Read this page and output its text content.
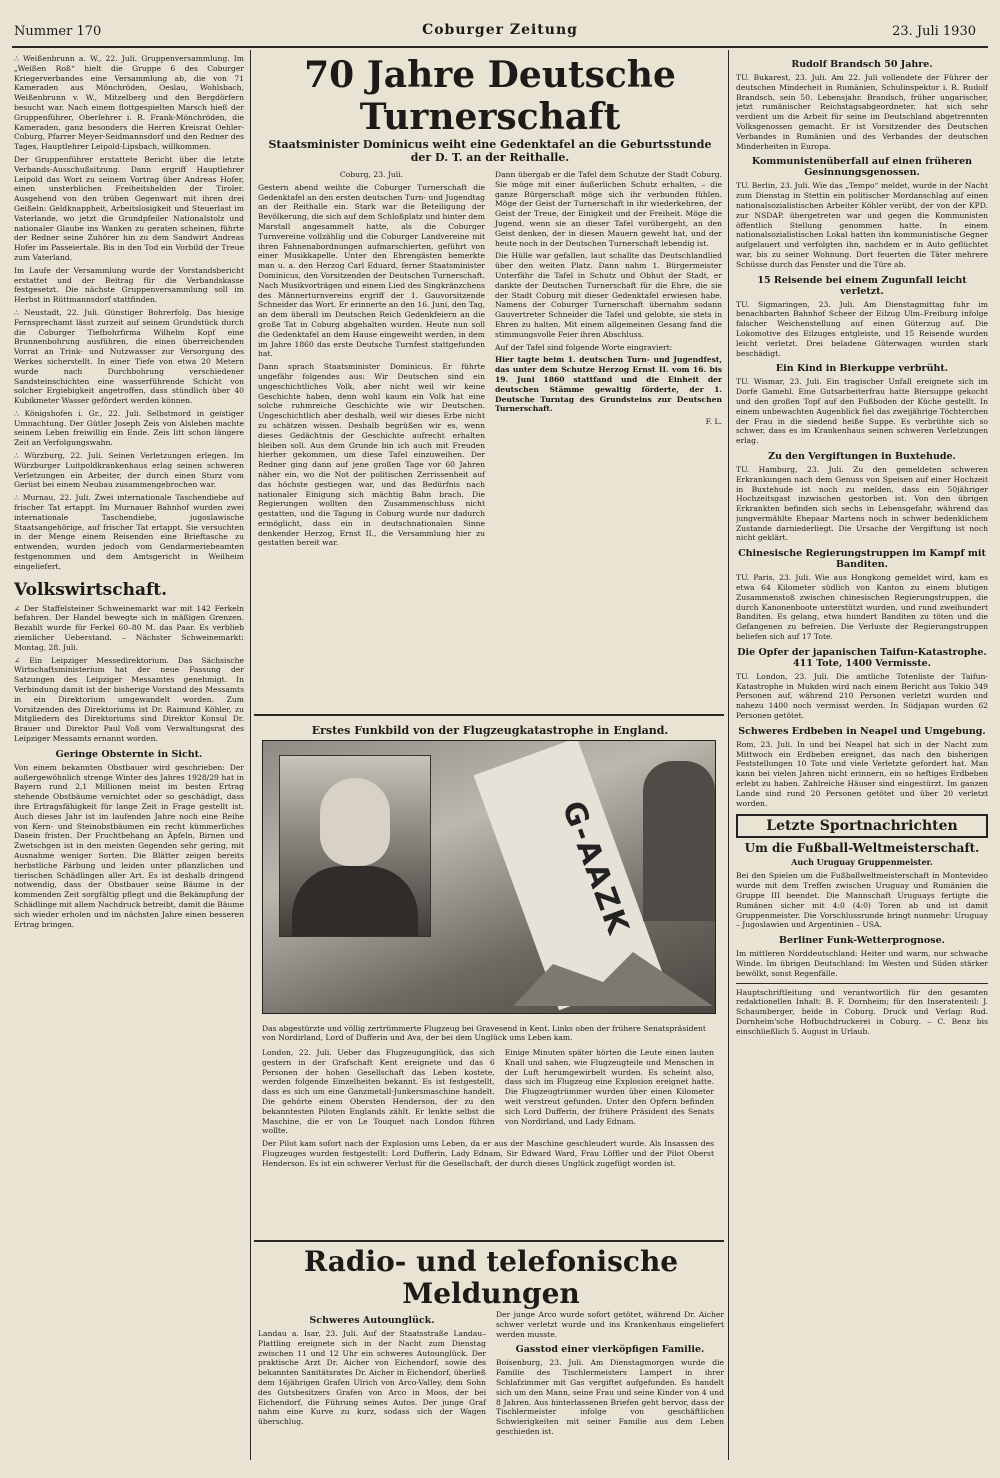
Nummer 170	Coburger Zeitung	23. Juli 1930

∴ Weißenbrunn a. W., 22. Juli. Gruppenversammlung. Im „Weißen Roß“ hielt die Gruppe 6 des Coburger Kriegerverbandes eine Versammlung ab, die von 71 Kameraden aus Mönchröden, Oeslau, Wohlsbach, Weißenbrunn v. W., Mitzelberg und den Bergdörfern besucht war. Nach einem flottgespielten Marsch hieß der Gruppenführer, Oberlehrer i. R. Frank-Mönchröden, die Kameraden, ganz besonders die Herren Kreisrat Oehler-Coburg, Pfarrer Meyer-Seidmannsdorf und den Redner des Tages, Hauptlehrer Leipold-Lipsbach, willkommen.

Der Gruppenführer erstattete Bericht über die letzte Verbands-Ausschußsitzung. Dann ergriff Hauptlehrer Leipold das Wort zu seinem Vortrag über Andreas Hofer, einen unsterblichen Freiheitshelden der Tiroler. Ausgehend von den trüben Gegenwart mit ihren drei Geißeln: Geldknappheit, Arbeitslosigkeit und Steuerlast im Vaterlande, wo jetzt die Grundpfeiler Nationalstolz und nationaler Glaube ins Wanken zu geraten scheinen, führte der Redner seine Zuhörer hin zu dem Sandwirt Andreas Hofer im Passeiertale. Bis in den Tod ein Vorbild der Treue zum Vaterland.

Im Laufe der Versammlung wurde der Vorstandsbericht erstattet und der Beitrag für die Verbandskasse festgesetzt. Die nächste Gruppenversammlung soll im Herbst in Rüttmannsdorf stattfinden.

∴ Neustadt, 22. Juli. Günstiger Bohrerfolg. Das hiesige Fernsprechamt lässt zurzeit auf seinem Grundstück durch die Coburger Tiefbohrfirma Wilhelm Kopf eine Brunnenbohrung ausführen, die einen überreichenden Vorrat an Trink- und Nutzwasser zur Versorgung des Werkes sicherstellt. In einer Tiefe von etwa 20 Metern wurde nach Durchbohrung verschiedener Sandsteinschichten eine wasserführende Schicht von solcher Ergiebigkeit angetroffen, dass stündlich über 40 Kubikmeter Wasser gefördert werden können.

∴ Königshofen i. Gr., 22. Juli. Selbstmord in geistiger Umnachtung. Der Gütler Joseph Zeis von Alsleben machte seinem Leben freiwillig ein Ende. Zeis litt schon längere Zeit an Verfolgungswahn.

∴ Würzburg, 22. Juli. Seinen Verletzungen erlegen. Im Würzburger Luitpoldkrankenhaus erlag seinen schweren Verletzungen ein Arbeiter, der durch einen Sturz vom Gerüst bei einem Neubau zusammengebrochen war.

∴ Murnau, 22. Juli. Zwei internationale Taschendiebe auf frischer Tat ertappt. Im Murnauer Bahnhof wurden zwei internationale Taschendiebe, jugoslawische Staatsangehörige, auf frischer Tat ertappt. Sie versuchten in der Menge einem Reisenden eine Brieftasche zu entwenden, wurden jedoch vom Gendarmeriebeamten festgenommen und dem Amtsgericht in Weilheim eingeliefert.

Volkswirtschaft.

∠ Der Staffelsteiner Schweinemarkt war mit 142 Ferkeln befahren. Der Handel bewegte sich in mäßigen Grenzen. Bezahlt wurde für Ferkel 60–80 M. das Paar. Es verblieb ziemlicher Ueberstand. – Nächster Schweinemarkt: Montag, 28. Juli.

∠ Ein Leipziger Messedirektorium. Das Sächsische Wirtschaftsministerium hat der neue Fassung der Satzungen des Leipziger Messamtes genehmigt. In Verbindung damit ist der bisherige Vorstand des Messamts in ein Direktorium umgewandelt worden. Zum Vorsitzenden des Direktoriums ist Dr. Raimund Köhler, zu Mitgliedern des Direktoriums sind Direktor Konsul Dr. Brauer und Direktor Paul Voß vom Verwaltungsrat des Leipziger Messamts ernannt worden.

Geringe Obsternte in Sicht.

Von einem bekannten Obstbauer wird geschrieben: Der außergewöhnlich strenge Winter des Jahres 1928/29 hat in Bayern rund 2,1 Millionen meist im besten Ertrag stehende Obstbäume vernichtet oder so geschädigt, dass ihre Ertragsfähigkeit für lange Zeit in Frage gestellt ist. Auch dieses Jahr ist im laufenden Jahre noch eine Reihe von Kern- und Steinobstbäumen ein recht kümmerliches Dasein fristen. Der Fruchtbehang an Äpfeln, Birnen und Zwetschgen ist in den meisten Gegenden sehr gering, mit Ausnahme weniger Sorten. Die Blätter zeigen bereits herbstliche Färbung und leiden unter pflanzlichen und tierischen Schädlingen aller Art. Es ist deshalb dringend notwendig, dass der Obstbauer seine Bäume in der kommenden Zeit sorgfältig pflegt und die Bekämpfung der Schädlinge mit allem Nachdruck betreibt, damit die Bäume sich wieder erholen und im nächsten Jahre einen besseren Ertrag bringen.

70 Jahre Deutsche Turnerschaft
Staatsminister Dominicus weiht eine Gedenktafel an die Geburtsstunde der D. T. an der Reithalle.

Coburg, 23. Juli.

Gestern abend weihte die Coburger Turnerschaft die Gedenktafel an den ersten deutschen Turn- und Jugendtag an der Reithalle ein. Stark war die Beteiligung der Bevölkerung, die sich auf dem Schloßplatz und hinter dem Marstall angesammelt hatte, als die Coburger Turnvereine vollzählig und die Coburger Landvereine mit ihren Fahnenabordnungen aufmarschierten, geführt von einer Musikkapelle. Unter den Ehrengästen bemerkte man u. a. den Herzog Carl Eduard, ferner Staatsminister Dominicus, den Vorsitzenden der Deutschen Turnerschaft. Nach Musikvorträgen und einem Lied des Singkränzchens des Männerturnvereins ergriff der 1. Gauvorsitzende Schneider das Wort. Er erinnerte an den 16. Juni, den Tag, an dem überall im Deutschen Reich Gedenkfeiern an die große Tat in Coburg abgehalten wurden. Heute nun soll die Gedenktafel an dem Hause eingeweiht werden, in dem im Jahre 1860 das erste Deutsche Turnfest stattgefunden hat.

Dann sprach Staatsminister Dominicus. Er führte ungefähr folgendes aus: Wir Deutschen sind ein ungeschichtliches Volk, aber nicht weil wir keine Geschichte haben, denn wohl kaum ein Volk hat eine solche ruhmreiche Geschichte wie wir Deutschen. Ungeschichtlich aber deshalb, weil wir dieses Erbe nicht zu schätzen wissen. Deshalb begrüßen wir es, wenn dieses Gedächtnis der Geschichte aufrecht erhalten bleiben soll. Aus dem Grunde bin ich auch mit Freuden hierher gekommen, um diese Tafel einzuweihen. Der Redner ging dann auf jene großen Tage vor 60 Jahren näher ein, wo die Not der politischen Zerrissenheit auf das höchste gestiegen war, und das Bedürfnis nach nationaler Einigung sich mächtig Bahn brach. Die Regierungen wollten den Zusammenschluss nicht gestatten, und die Tagung in Coburg wurde nur dadurch ermöglicht, dass ein in deutschnationalen Sinne denkender Herzog, Ernst II., die Versammlung hier zu gestatten bereit war.

Dann übergab er die Tafel dem Schutze der Stadt Coburg. Sie möge mit einer äußerlichen Schutz erhalten, – die ganze Bürgerschaft möge sich ihr verbunden fühlen. Möge der Geist der Turnerschaft in ihr wiederkehren, der Geist der Treue, der Einigkeit und der Freiheit. Möge die Jugend, wenn sie an dieser Tafel vorübergeht, an den Geist denken, der in diesen Mauern geweht hat, und der heute noch in der Deutschen Turnerschaft lebendig ist.

Die Hülle war gefallen, laut schallte das Deutschlandlied über den weiten Platz. Dann nahm 1. Bürgermeister Unterfähr die Tafel in Schutz und Obhut der Stadt, er dankte der Deutschen Turnerschaft für die Ehre, die sie der Stadt Coburg mit dieser Gedenktafel erwiesen habe. Namens der Coburger Turnerschaft übernahm sodann Gauvertreter Schneider die Tafel und gelobte, sie stets in Ehren zu halten. Mit einem allgemeinen Gesang fand die stimmungsvolle Feier ihren Abschluss.

Auf der Tafel sind folgende Worte eingraviert:

Hier tagte beim 1. deutschen Turn- und Jugendfest, das unter dem Schutze Herzog Ernst II. vom 16. bis 19. Juni 1860 stattfand und die Einheit der deutschen Stämme gewaltig förderte, der 1. Deutsche Turntag des Grundsteins zur Deutschen Turnerschaft.

F. L.

Erstes Funkbild von der Flugzeugkatastrophe in England.
G-AAZK

Das abgestürzte und völlig zertrümmerte Flugzeug bei Gravesend in Kent. Links oben der frühere Senatspräsident von Nordirland, Lord of Dufferin und Ava, der bei dem Unglück ums Leben kam.

London, 22. Juli. Ueber das Flugzeugunglück, das sich gestern in der Grafschaft Kent ereignete und das 6 Personen der hohen Gesellschaft das Leben kostete, werden folgende Einzelheiten bekannt. Es ist festgestellt, dass es sich um eine Ganzmetall-Junkersmaschine handelt. Die gehörte einem Obersten Henderson, der zu den bekanntesten Piloten Englands zählt. Er lenkte selbst die Maschine, die er von Le Touquet nach London führen wollte.

Einige Minuten später hörten die Leute einen lauten Knall und sahen, wie Flugzeugteile und Menschen in der Luft herumgewirbelt wurden. Es scheint also, dass sich im Flugzeug eine Explosion ereignet hatte. Die Flugzeugtrümmer wurden über einen Kilometer weit verstreut gefunden. Unter den Opfern befinden sich Lord Dufferin, der frühere Präsident des Senats von Nordirland, und Lady Ednam.

Der Pilot kam sofort nach der Explosion ums Leben, da er aus der Maschine geschleudert wurde. Als Insassen des Flugzeuges wurden festgestellt: Lord Dufferin, Lady Ednam, Sir Edward Ward, Frau Löffler und der Pilot Oberst Henderson. Es ist ein schwerer Verlust für die Gesellschaft, der durch dieses Unglück zugefügt worden ist.

Radio- und telefonische Meldungen
Schweres Autounglück.

Landau a. Isar, 23. Juli. Auf der Staatsstraße Landau–Plattling ereignete sich in der Nacht zum Dienstag zwischen 11 und 12 Uhr ein schweres Autounglück. Der praktische Arzt Dr. Aicher von Eichendorf, sowie des bekannten Sanitätsrates Dr. Aicher in Eichendorf, überließ dem 16jährigen Grafen Ulrich von Arco-Valley, dem Sohn des Gutsbesitzers Grafen von Arco in Moos, der bei Eichendorf, die Führung seines Autos. Der junge Graf nahm eine Kurve zu kurz, sodass sich der Wagen überschlug.

Der junge Arco wurde sofort getötet, während Dr. Aicher schwer verletzt wurde und ins Krankenhaus eingeliefert werden musste.

Gasstod einer vierköpfigen Familie.

Boisenburg, 23. Juli. Am Dienstagmorgen wurde die Familie des Tischlermeisters Lampert in ihrer Schlafzimmer mit Gas vergiftet aufgefunden. Es handelt sich um den Mann, seine Frau und seine Kinder von 4 und 8 Jahren. Aus hinterlassenen Briefen geht hervor, dass der Tischlermeister infolge von geschäftlichen Schwierigkeiten mit seiner Familie aus dem Leben geschieden ist.

Rudolf Brandsch 50 Jahre.

TU. Bukarest, 23. Juli. Am 22. Juli vollendete der Führer der deutschen Minderheit in Rumänien, Schulinspektor i. R. Rudolf Brandsch, sein 50. Lebensjahr. Brandsch, früher ungarischer, jetzt rumänischer Reichstagsabgeordneter, hat sich sehr verdient um die Arbeit für seine im Deutschland abgetrennten Volksgenossen gemacht. Er ist Vorsitzender des Deutschen Verbandes in Rumänien und des Verbandes der deutschen Minderheiten in Europa.

Kommunistenüberfall auf einen früheren Gesinnungsgenossen.

TU. Berlin, 23. Juli. Wie das „Tempo“ meldet, wurde in der Nacht zum Dienstag in Stettin ein politischer Mordanschlag auf einen nationalsozialistischen Arbeiter Köhler verübt, der von der KPD. zur NSDAP. übergetreten war und gegen die Kommunisten öffentlich Stellung genommen hatte. In einem nationalsozialistischen Lokal hatten ihn kommunistische Gegner aufgelauert und verfolgten ihn, nachdem er in Auto geflüchtet war, bis zu seiner Wohnung. Dort feuerten die Täter mehrere Schüsse durch das Fenster und die Türe ab.

15 Reisende bei einem Zugunfall leicht verletzt.

TU. Sigmaringen, 23. Juli. Am Dienstagmittag fuhr im benachbarten Bahnhof Scheer der Eilzug Ulm–Freiburg infolge falscher Weichenstellung auf einen Güterzug auf. Die Lokomotive des Eilzuges entgleiste, und 15 Reisende wurden leicht verletzt. Drei beladene Güterwagen wurden stark beschädigt.

Ein Kind in Bierkuppe verbrüht.

TU. Wismar, 23. Juli. Ein tragischer Unfall ereignete sich im Dorfe Gamehl. Eine Gutsarbeiterfrau hatte Biersuppe gekocht und den großen Topf auf den Fußboden der Küche gestellt. In einem unbewachten Augenblick fiel das zweijährige Töchterchen der Frau in die siedend heiße Suppe. Es verbrühte sich so schwer, dass es im Krankenhaus seinen schweren Verletzungen erlag.

Zu den Vergiftungen in Buxtehude.

TU. Hamburg, 23. Juli. Zu den gemeldeten schweren Erkrankungen nach dem Genuss von Speisen auf einer Hochzeit in Buxtehude ist noch zu melden, dass ein 50jähriger Hochzeitsgast inzwischen gestorben ist. Von den übrigen Erkrankten befinden sich sechs in Lebensgefahr, während das jungvermählte Ehepaar Martens noch in schwer bedenklichem Zustande darniederliegt. Die Ursache der Vergiftung ist noch nicht geklärt.

Chinesische Regierungstruppen im Kampf mit Banditen.

TU. Paris, 23. Juli. Wie aus Hongkong gemeldet wird, kam es etwa 64 Kilometer südlich von Kanton zu einem blutigen Zusammenstoß zwischen chinesischen Regierungstruppen, die durch Kanonenboote unterstützt wurden, und rund zweihundert Banditen. Es gelang, etwa hundert Banditen zu töten und die Gefangenen zu befreien. Die Verluste der Regierungstruppen beliefen sich auf 17 Tote.

Die Opfer der japanischen Taifun-Katastrophe. 411 Tote, 1400 Vermisste.

TU. London, 23. Juli. Die amtliche Totenliste der Taifun-Katastrophe in Mukden wird nach einem Bericht aus Tokio 349 Personen auf, während 210 Personen verletzt wurden und nahezu 1400 noch vermisst werden. In Südjapan wurden 62 Personen getötet.

Schweres Erdbeben in Neapel und Umgebung.

Rom, 23. Juli. In und bei Neapel hat sich in der Nacht zum Mittwoch ein Erdbeben ereignet, das nach den bisherigen Feststellungen 10 Tote und viele Verletzte gefordert hat. Man kann bei vielen Jahren nicht erinnern, ein so heftiges Erdbeben erlebt zu haben. Zahlreiche Häuser sind eingestürzt. Im ganzen Lande sind rund 20 Personen getötet und über 20 verletzt worden.

Letzte Sportnachrichten
Um die Fußball-Weltmeisterschaft.
Auch Uruguay Gruppenmeister.

Bei den Spielen um die Fußballweltmeisterschaft in Montevideo wurde mit dem Treffen zwischen Uruguay und Rumänien die Gruppe III beendet. Die Mannschaft Uruguays fertigte die Rumänen sicher mit 4:0 (4:0) Toren ab und ist damit Gruppenmeister. Die Vorschlussrunde bringt nunmehr: Uruguay – Jugoslawien und Argentinien – USA.

Berliner Funk-Wetterprognose.

Im mittleren Norddeutschland: Heiter und warm, nur schwache Winde. Im übrigen Deutschland: Im Westen und Süden stärker bewölkt, sonst Regenfälle.

Hauptschriftleitung und verantwortlich für den gesamten redaktionellen Inhalt: B. F. Dornheim; für den Inseratenteil: J. Schaumberger, beide in Coburg. Druck und Verlag: Rud. Dornheim'sche Hofbuchdruckerei in Coburg. – C. Benz bis einschließlich 5. August in Urlaub.
